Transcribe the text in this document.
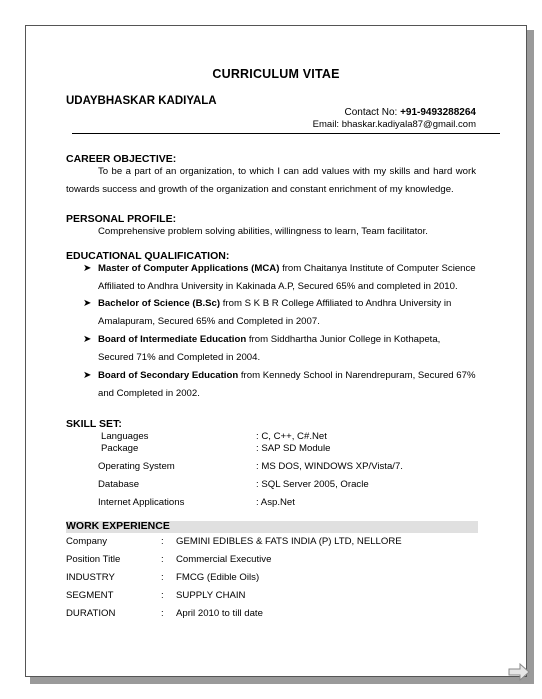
CURRICULUM VITAE
UDAYBHASKAR KADIYALA
Contact No: +91-9493288264
Email: bhaskar.kadiyala87@gmail.com
CAREER OBJECTIVE:
To be a part of an organization, to which I can add values with my skills and hard work towards success and growth of the organization and constant enrichment of my knowledge.
PERSONAL PROFILE:
Comprehensive problem solving abilities, willingness to learn, Team facilitator.
EDUCATIONAL QUALIFICATION:
➤ Master of Computer Applications (MCA) from Chaitanya Institute of Computer Science Affiliated to Andhra University in Kakinada A.P, Secured 65% and completed in 2010.
➤ Bachelor of Science (B.Sc) from S K B R College Affiliated to Andhra University in Amalapuram, Secured 65% and Completed in 2007.
➤ Board of Intermediate Education from Siddhartha Junior College in Kothapeta, Secured 71% and Completed in 2004.
➤ Board of Secondary Education from Kennedy School in Narendrepuram, Secured 67% and Completed in 2002.
SKILL SET:
Languages	: C, C++, C#.Net
Package	: SAP SD Module
Operating System	: MS DOS, WINDOWS XP/Vista/7.
Database	: SQL Server 2005, Oracle
Internet Applications	: Asp.Net
WORK EXPERIENCE
Company	: GEMINI EDIBLES & FATS INDIA (P) LTD, NELLORE
Position Title	: Commercial Executive
INDUSTRY	: FMCG (Edible Oils)
SEGMENT	: SUPPLY CHAIN
DURATION	: April 2010 to till date
